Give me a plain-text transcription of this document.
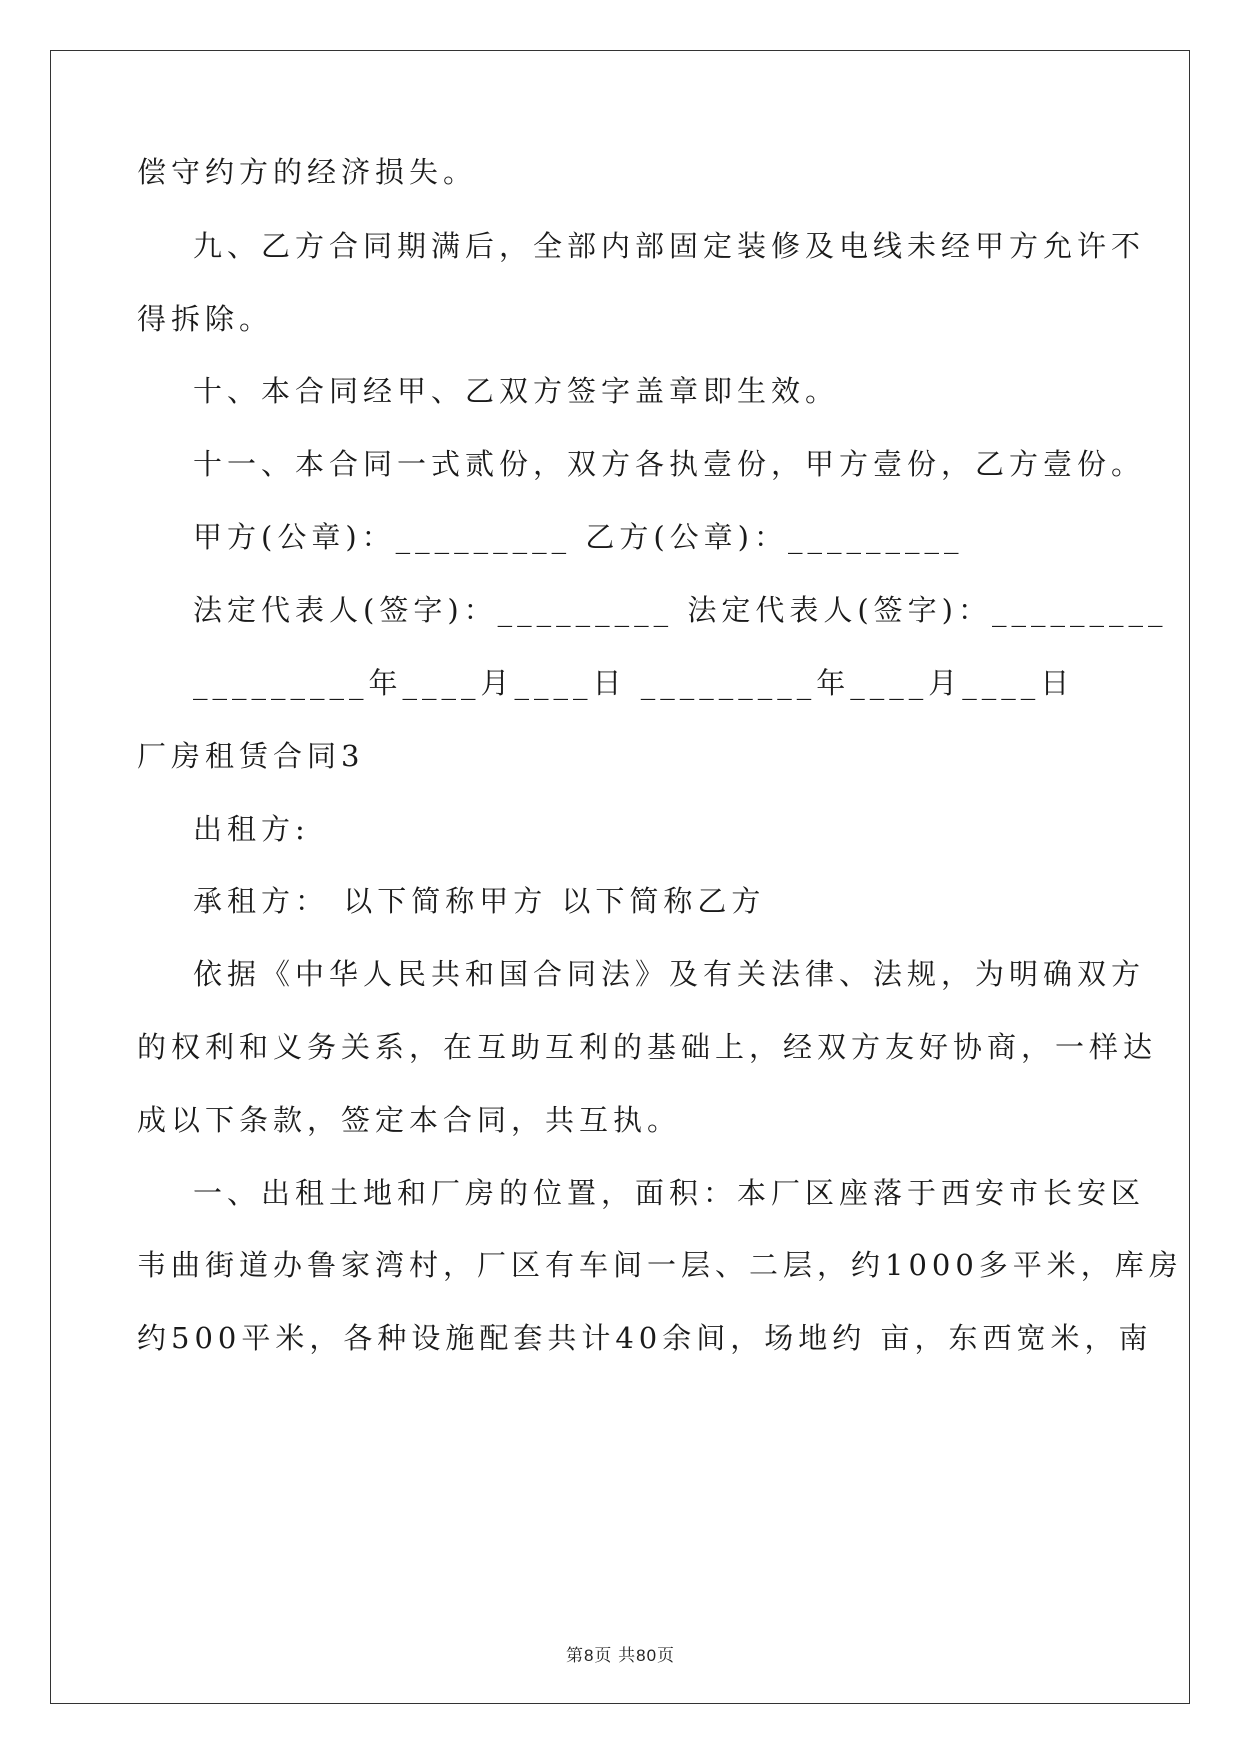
偿守约方的经济损失。
九、乙方合同期满后，全部内部固定装修及电线未经甲方允许不
得拆除。
十、本合同经甲、乙双方签字盖章即生效。
十一、本合同一式贰份，双方各执壹份，甲方壹份，乙方壹份。
甲方(公章)：_________ 乙方(公章)：_________
法定代表人(签字)：_________ 法定代表人(签字)：_________
_________年____月____日 _________年____月____日
厂房租赁合同3
出租方:
承租方： 以下简称甲方 以下简称乙方
依据《中华人民共和国合同法》及有关法律、法规，为明确双方
的权利和义务关系，在互助互利的基础上，经双方友好协商，一样达
成以下条款，签定本合同，共互执。
一、出租土地和厂房的位置，面积：本厂区座落于西安市长安区
韦曲街道办鲁家湾村，厂区有车间一层、二层，约1000多平米，库房
约500平米，各种设施配套共计40余间，场地约 亩，东西宽米，南
第8页 共80页
